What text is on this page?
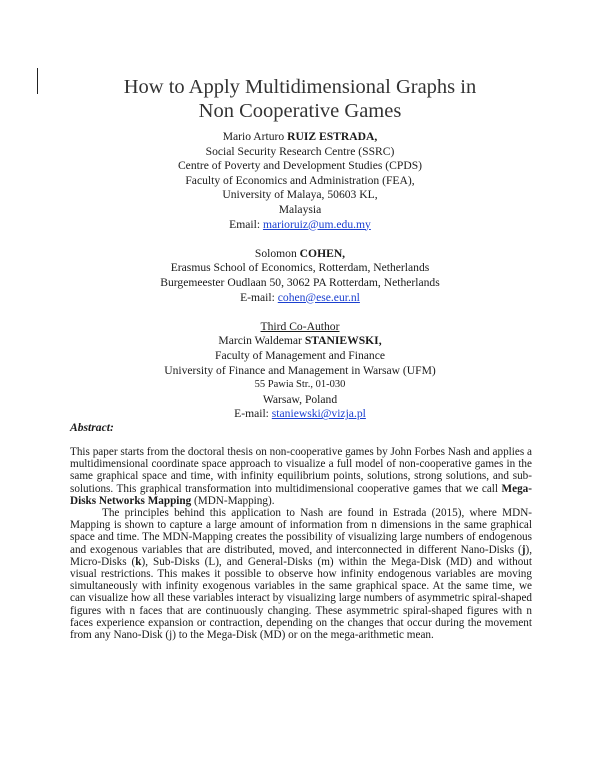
How to Apply Multidimensional Graphs in
Non Cooperative Games
Mario Arturo RUIZ ESTRADA,
Social Security Research Centre (SSRC)
Centre of Poverty and Development Studies (CPDS)
Faculty of Economics and Administration (FEA),
University of Malaya, 50603 KL,
Malaysia
Email: marioruiz@um.edu.my
Solomon COHEN,
Erasmus School of Economics, Rotterdam, Netherlands
Burgemeester Oudlaan 50, 3062 PA Rotterdam, Netherlands
E-mail: cohen@ese.eur.nl
Third Co-Author
Marcin Waldemar STANIEWSKI,
Faculty of Management and Finance
University of Finance and Management in Warsaw (UFM)
55 Pawia Str., 01-030
Warsaw, Poland
E-mail: staniewski@vizja.pl
Abstract:

This paper starts from the doctoral thesis on non-cooperative games by John Forbes Nash and applies a multidimensional coordinate space approach to visualize a full model of non-cooperative games in the same graphical space and time, with infinity equilibrium points, solutions, strong solutions, and sub-solutions. This graphical transformation into multidimensional cooperative games that we call Mega-Disks Networks Mapping (MDN-Mapping).

The principles behind this application to Nash are found in Estrada (2015), where MDN-Mapping is shown to capture a large amount of information from n dimensions in the same graphical space and time. The MDN-Mapping creates the possibility of visualizing large numbers of endogenous and exogenous variables that are distributed, moved, and interconnected in different Nano-Disks (j), Micro-Disks (k), Sub-Disks (L), and General-Disks (m) within the Mega-Disk (MD) and without visual restrictions. This makes it possible to observe how infinity endogenous variables are moving simultaneously with infinity exogenous variables in the same graphical space. At the same time, we can visualize how all these variables interact by visualizing large numbers of asymmetric spiral-shaped figures with n faces that are continuously changing. These asymmetric spiral-shaped figures with n faces experience expansion or contraction, depending on the changes that occur during the movement from any Nano-Disk (j) to the Mega-Disk (MD) or on the mega-arithmetic mean.
